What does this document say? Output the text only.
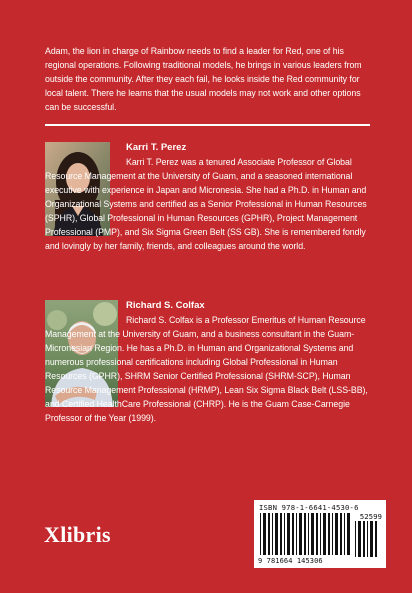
Adam, the lion in charge of Rainbow needs to find a leader for Red, one of his regional operations. Following traditional models, he brings in various leaders from outside the community. After they each fail, he looks inside the Red community for local talent. There he learns that the usual models may not work and other options can be successful.
Karri T. Perez
Karri T. Perez was a tenured Associate Professor of Global Resource Management at the University of Guam, and a seasoned international executive with experience in Japan and Micronesia. She had a Ph.D. in Human and Organizational Systems and certified as a Senior Professional in Human Resources (SPHR), Global Professional in Human Resources (GPHR), Project Management Professional (PMP), and Six Sigma Green Belt (SS GB). She is remembered fondly and lovingly by her family, friends, and colleagues around the world.
Richard S. Colfax
Richard S. Colfax is a Professor Emeritus of Human Resource Management at the University of Guam, and a business consultant in the Guam-Micronesian Region. He has a Ph.D. in Human and Organizational Systems and numerous professional certifications including Global Professional in Human Resources (GPHR), SHRM Senior Certified Professional (SHRM-SCP), Human Resource Management Professional (HRMP), Lean Six Sigma Black Belt (LSS-BB), and Certified HealthCare Professional (CHRP). He is the Guam Case-Carnegie Professor of the Year (1999).
Xlibris
ISBN 978-1-6641-4530-6
52599
9 781664 145306
